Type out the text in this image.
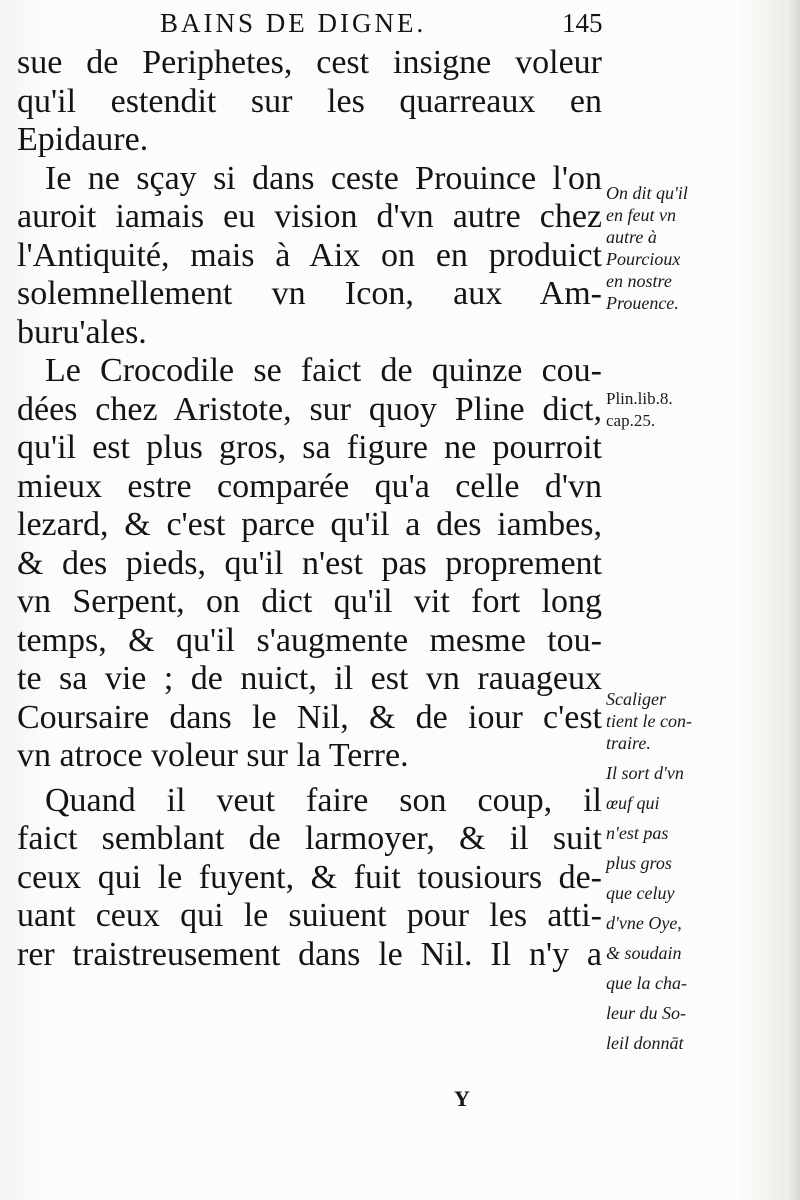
BAINS DE DIGNE.	145
sue de Periphetes, cest insigne voleur
qu'il estendit sur les quarreaux en
Epidaure.
Ie ne sçay si dans ceste Prouince l'on
auroit iamais eu vision d'vn autre chez
l'Antiquité, mais à Aix on en produict
solemnellement vn Icon, aux Am-
buru'ales.
Le Crocodile se faict de quinze cou-
dées chez Aristote, sur quoy Pline dict,
qu'il est plus gros, sa figure ne pourroit
mieux estre comparée qu'a celle d'vn
lezard, & c'est parce qu'il a des iambes,
& des pieds, qu'il n'est pas proprement
vn Serpent, on dict qu'il vit fort long
temps, & qu'il s'augmente mesme tou-
te sa vie ; de nuict, il est vn rauageux
Coursaire dans le Nil, & de iour c'est
vn atroce voleur sur la Terre.
Quand il veut faire son coup, il
faict semblant de larmoyer, & il suit
ceux qui le fuyent, & fuit tousiours de-
uant ceux qui le suiuent pour les atti-
rer traistreusement dans le Nil. Il n'y a
On dit qu'il
en feut vn
autre à
Pourcioux
en nostre
Prouence.
Plin.lib.8.
cap.25.
Scaliger
tient le con-
traire.
Il sort d'vn
œuf qui
n'est pas
plus gros
que celuy
d'vne Oye,
& soudain
que la cha-
leur du So-
leil donnāt
Y
